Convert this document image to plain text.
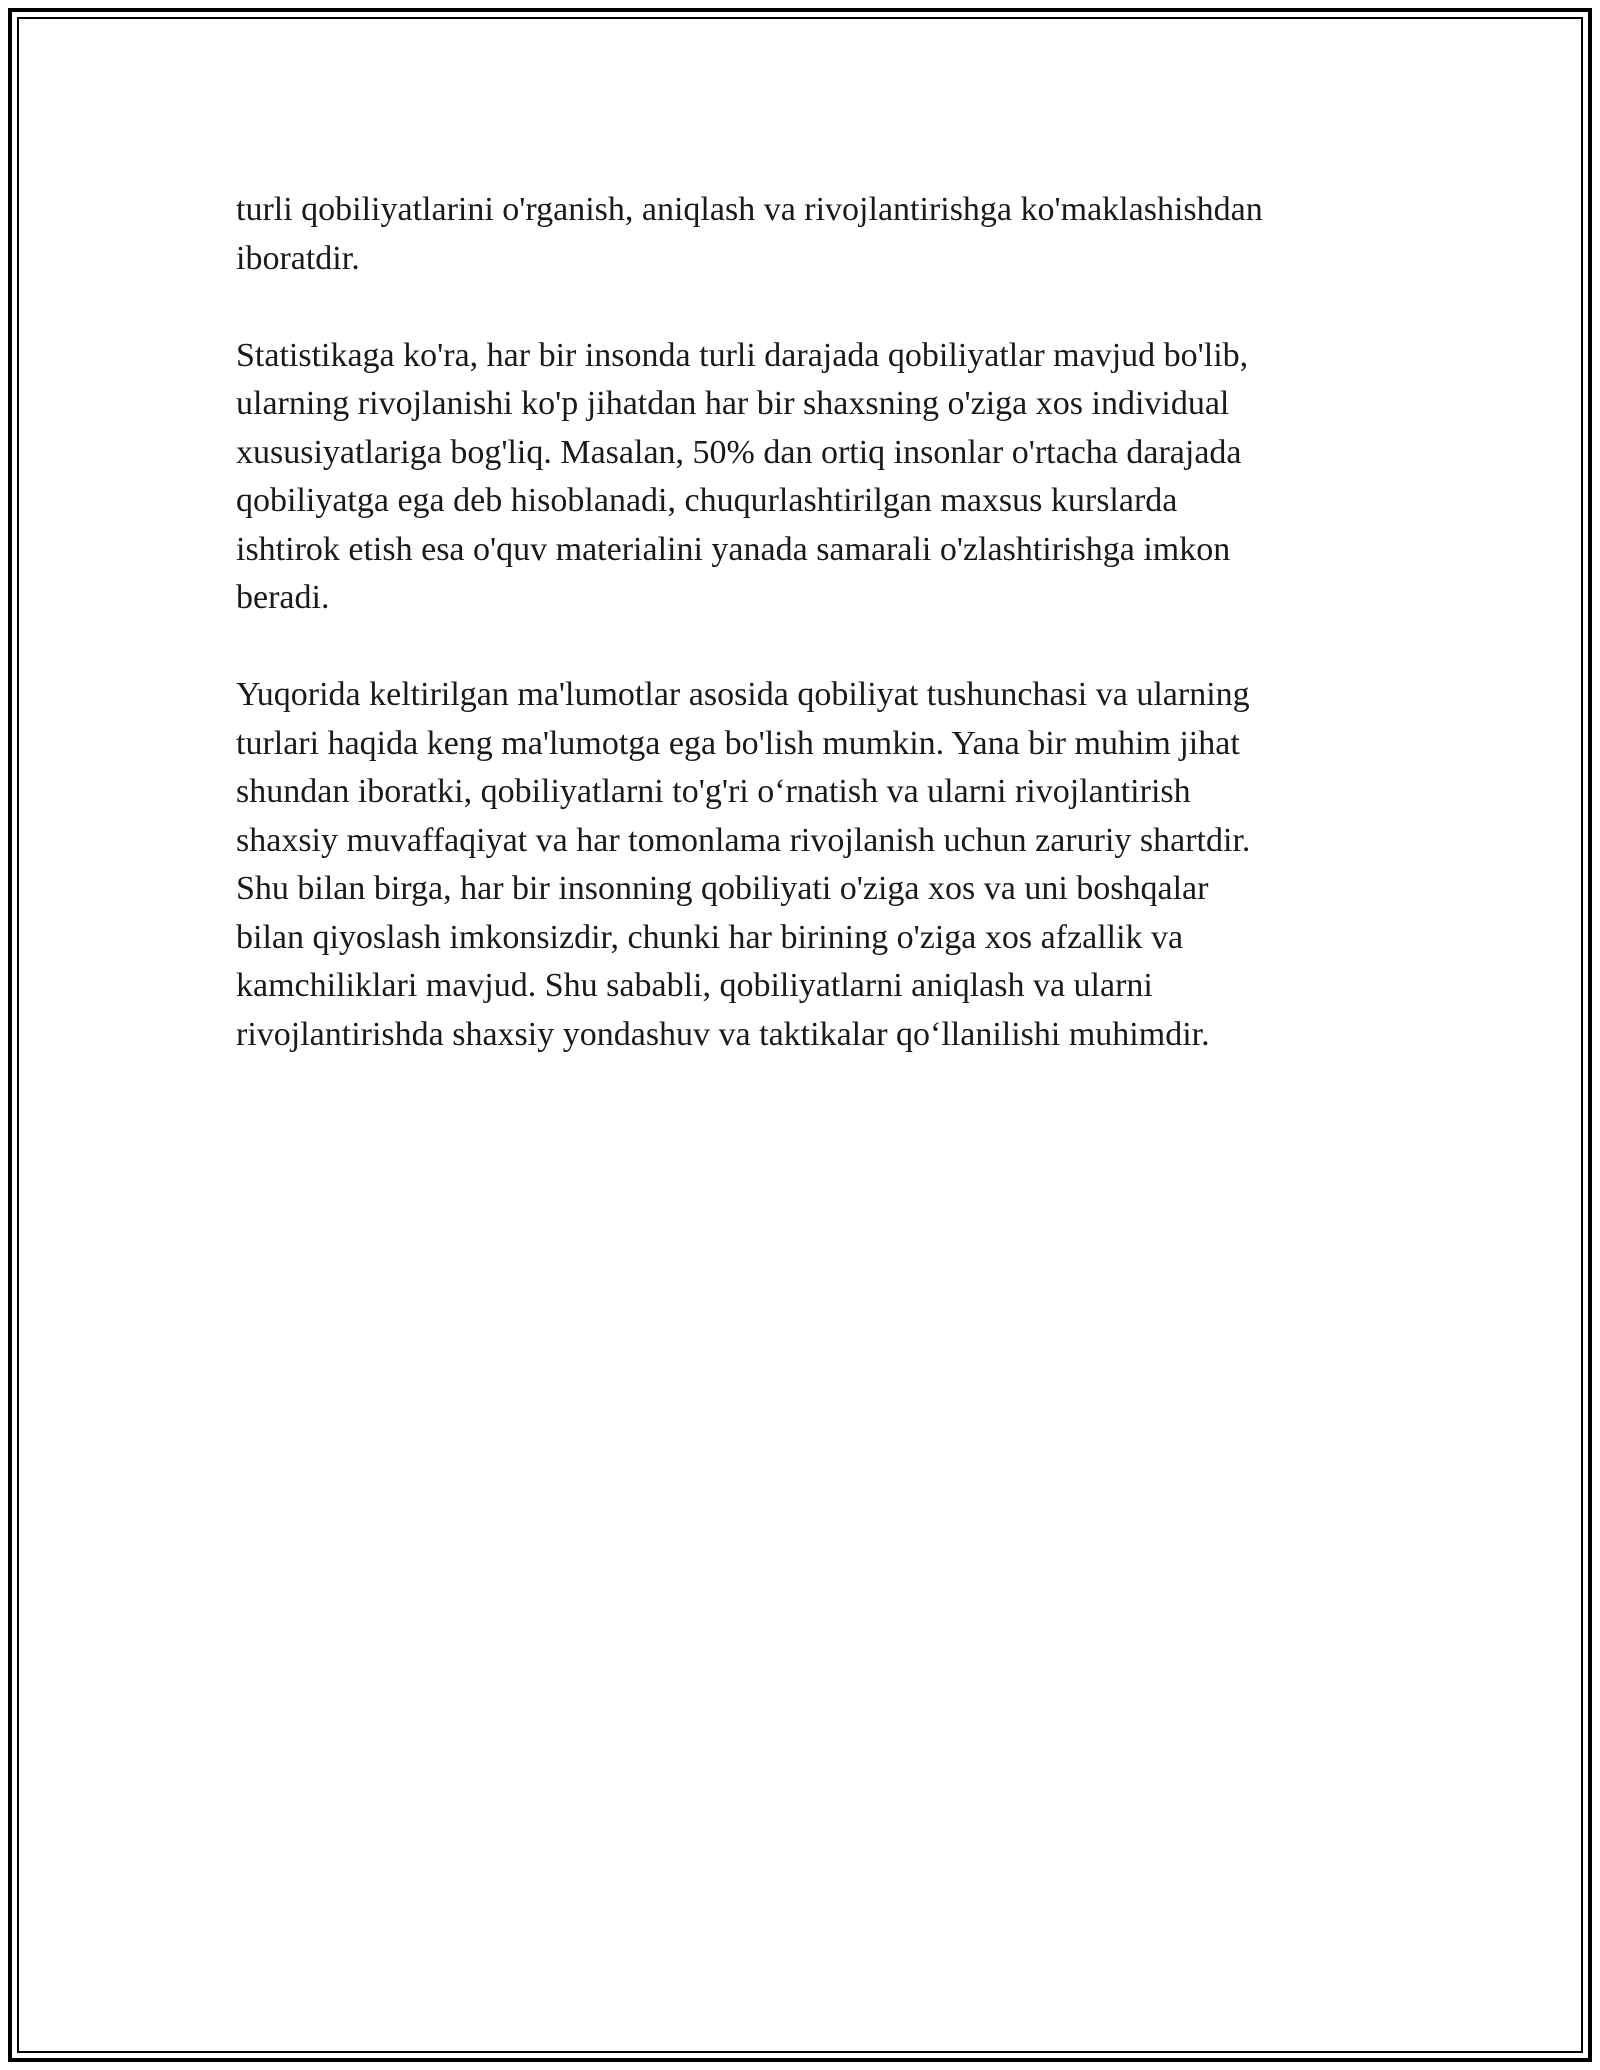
turli qobiliyatlarini o'rganish, aniqlash va rivojlantirishga ko'maklashishdan
iboratdir.
Statistikaga ko'ra, har bir insonda turli darajada qobiliyatlar mavjud bo'lib,
ularning rivojlanishi ko'p jihatdan har bir shaxsning o'ziga xos individual
xususiyatlariga bog'liq. Masalan, 50% dan ortiq insonlar o'rtacha darajada
qobiliyatga ega deb hisoblanadi, chuqurlashtirilgan maxsus kurslarda
ishtirok etish esa o'quv materialini yanada samarali o'zlashtirishga imkon
beradi.
Yuqorida keltirilgan ma'lumotlar asosida qobiliyat tushunchasi va ularning
turlari haqida keng ma'lumotga ega bo'lish mumkin. Yana bir muhim jihat
shundan iboratki, qobiliyatlarni to'g'ri o‘rnatish va ularni rivojlantirish
shaxsiy muvaffaqiyat va har tomonlama rivojlanish uchun zaruriy shartdir.
Shu bilan birga, har bir insonning qobiliyati o'ziga xos va uni boshqalar
bilan qiyoslash imkonsizdir, chunki har birining o'ziga xos afzallik va
kamchiliklari mavjud. Shu sababli, qobiliyatlarni aniqlash va ularni
rivojlantirishda shaxsiy yondashuv va taktikalar qo‘llanilishi muhimdir.
